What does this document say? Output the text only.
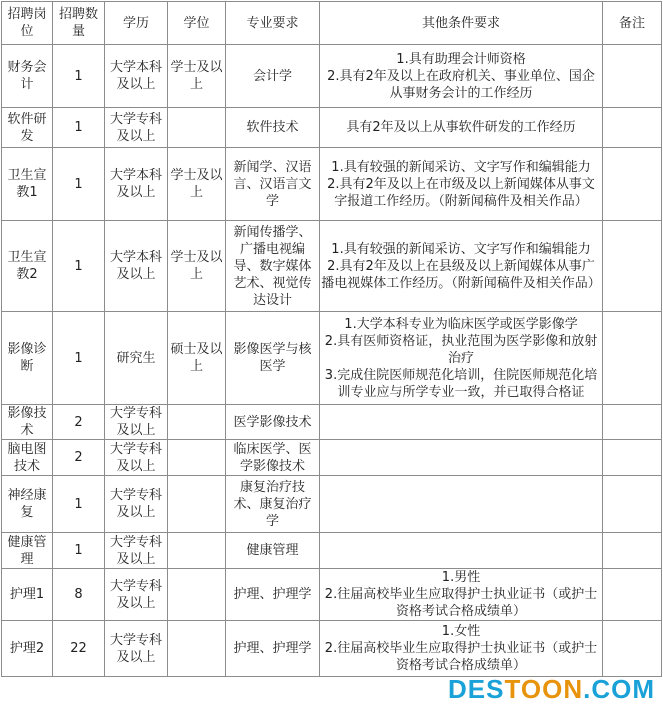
招聘岗位	招聘数量	学历	学位	专业要求	其他条件要求	备注
财务会计	1	大学本科及以上	学士及以上	会计学	1.具有助理会计师资格
2.具有2年及以上在政府机关、事业单位、国企从事财务会计的工作经历	

软件研发	1	大学专科及以上		软件技术	具有2年及以上从事软件研发的工作经历	

卫生宣教1	1	大学本科及以上	学士及以上	新闻学、汉语言、汉语言文学	1.具有较强的新闻采访、文字写作和编辑能力
2.具有2年及以上在市级及以上新闻媒体从事文字报道工作经历。（附新闻稿件及相关作品）	

卫生宣教2	1	大学本科及以上	学士及以上	新闻传播学、广播电视编导、数字媒体艺术、视觉传达设计	1.具有较强的新闻采访、文字写作和编辑能力
2.具有2年及以上在县级及以上新闻媒体从事广播电视媒体工作经历。（附新闻稿件及相关作品）	

影像诊断	1	研究生	硕士及以上	影像医学与核医学	1.大学本科专业为临床医学或医学影像学
2.具有医师资格证，执业范围为医学影像和放射治疗
3.完成住院医师规范化培训，住院医师规范化培训专业应与所学专业一致，并已取得合格证	

影像技术	2	大学专科及以上		医学影像技术		
脑电图技术	2	大学专科及以上		临床医学、医学影像技术		
神经康复	1	大学专科及以上		康复治疗技术、康复治疗学		
健康管理	1	大学专科及以上		健康管理		
护理1	8	大学专科及以上		护理、护理学	1.男性
2.往届高校毕业生应取得护士执业证书（或护士资格考试合格成绩单）	

护理2	22	大学专科及以上		护理、护理学	1.女性
2.往届高校毕业生应取得护士执业证书（或护士资格考试合格成绩单）	

DESTOON.COM
